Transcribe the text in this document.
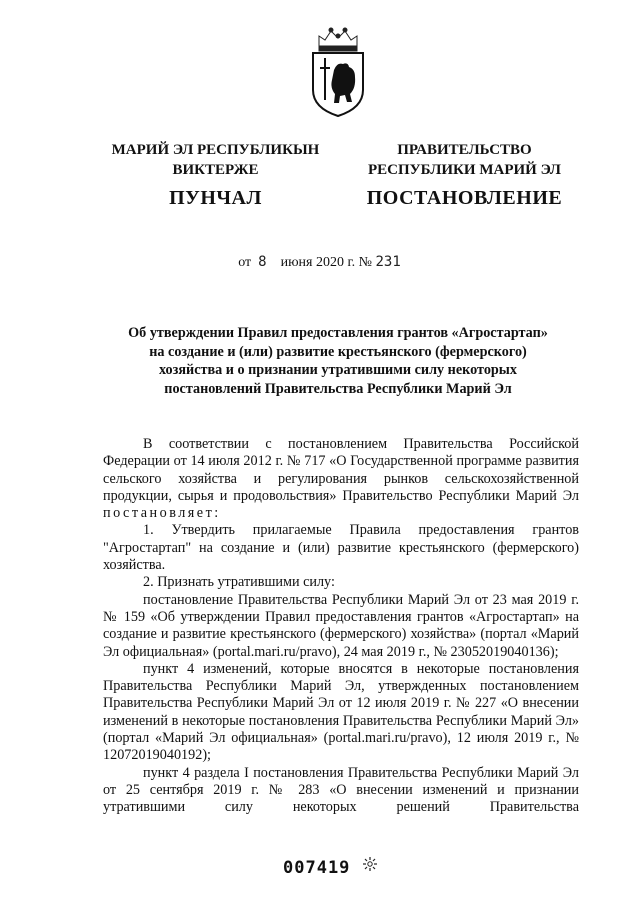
МАРИЙ ЭЛ РЕСПУБЛИКЫН
ВИКТЕРЖЕ
ПУНЧАЛ
ПРАВИТЕЛЬСТВО
РЕСПУБЛИКИ МАРИЙ ЭЛ
ПОСТАНОВЛЕНИЕ
от 8 июня 2020 г. № 231
Об утверждении Правил предоставления грантов «Агростартап»
на создание и (или) развитие крестьянского (фермерского)
хозяйства и о признании утратившими силу некоторых
постановлений Правительства Республики Марий Эл

В соответствии с постановлением Правительства Российской Федерации от 14 июля 2012 г. № 717 «О Государственной программе развития сельского хозяйства и регулирования рынков сельскохозяйственной продукции, сырья и продовольствия» Правительство Республики Марий Эл постановляет:

1. Утвердить прилагаемые Правила предоставления грантов "Агростартап" на создание и (или) развитие крестьянского (фермерского) хозяйства.

2. Признать утратившими силу:

постановление Правительства Республики Марий Эл от 23 мая 2019 г. № 159 «Об утверждении Правил предоставления грантов «Агростартап» на создание и развитие крестьянского (фермерского) хозяйства» (портал «Марий Эл официальная» (portal.mari.ru/pravo), 24 мая 2019 г., № 23052019040136);

пункт 4 изменений, которые вносятся в некоторые постановления Правительства Республики Марий Эл, утвержденных постановлением Правительства Республики Марий Эл от 12 июля 2019 г. № 227 «О внесении изменений в некоторые постановления Правительства Республики Марий Эл» (портал «Марий Эл официальная» (portal.mari.ru/pravo), 12 июля 2019 г., № 12072019040192);

пункт 4 раздела I постановления Правительства Республики Марий Эл от 25 сентября 2019 г. № 283 «О внесении изменений и признании утратившими силу некоторых решений Правительства

007419
